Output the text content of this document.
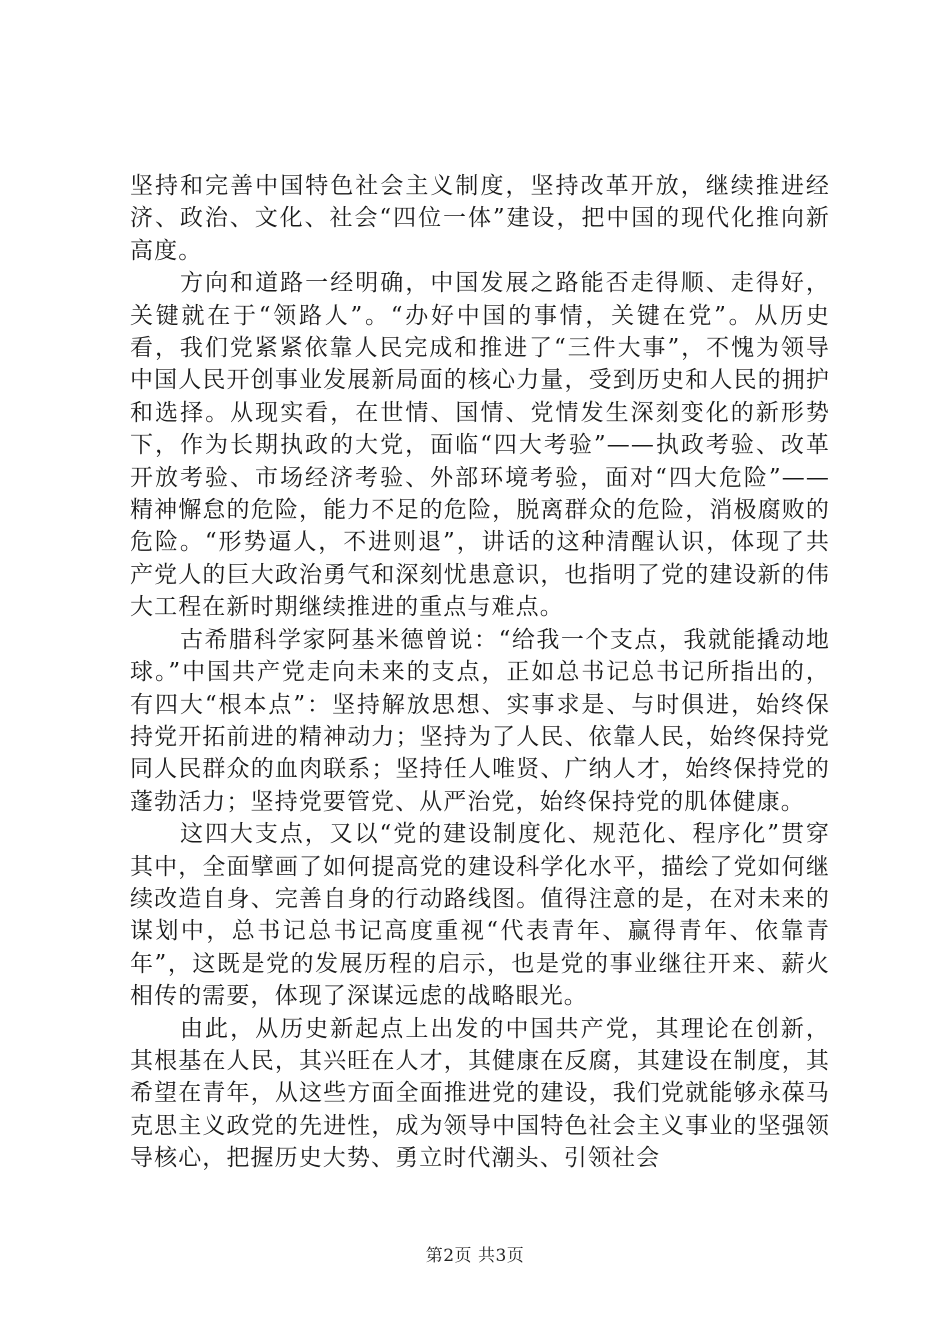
坚持和完善中国特色社会主义制度，坚持改革开放，继续推进经济、政治、文化、社会“四位一体”建设，把中国的现代化推向新高度。

方向和道路一经明确，中国发展之路能否走得顺、走得好，关键就在于“领路人”。“办好中国的事情，关键在党”。从历史看，我们党紧紧依靠人民完成和推进了“三件大事”，不愧为领导中国人民开创事业发展新局面的核心力量，受到历史和人民的拥护和选择。从现实看，在世情、国情、党情发生深刻变化的新形势下，作为长期执政的大党，面临“四大考验”——执政考验、改革开放考验、市场经济考验、外部环境考验，面对“四大危险”——精神懈怠的危险，能力不足的危险，脱离群众的危险，消极腐败的危险。“形势逼人，不进则退”，讲话的这种清醒认识，体现了共产党人的巨大政治勇气和深刻忧患意识，也指明了党的建设新的伟大工程在新时期继续推进的重点与难点。

古希腊科学家阿基米德曾说：“给我一个支点，我就能撬动地球。”中国共产党走向未来的支点，正如总书记总书记所指出的，有四大“根本点”：坚持解放思想、实事求是、与时俱进，始终保持党开拓前进的精神动力；坚持为了人民、依靠人民，始终保持党同人民群众的血肉联系；坚持任人唯贤、广纳人才，始终保持党的蓬勃活力；坚持党要管党、从严治党，始终保持党的肌体健康。

这四大支点，又以“党的建设制度化、规范化、程序化”贯穿其中，全面擘画了如何提高党的建设科学化水平，描绘了党如何继续改造自身、完善自身的行动路线图。值得注意的是，在对未来的谋划中，总书记总书记高度重视“代表青年、赢得青年、依靠青年”，这既是党的发展历程的启示，也是党的事业继往开来、薪火相传的需要，体现了深谋远虑的战略眼光。

由此，从历史新起点上出发的中国共产党，其理论在创新，其根基在人民，其兴旺在人才，其健康在反腐，其建设在制度，其希望在青年，从这些方面全面推进党的建设，我们党就能够永葆马克思主义政党的先进性，成为领导中国特色社会主义事业的坚强领导核心，把握历史大势、勇立时代潮头、引领社会

第2页 共3页
